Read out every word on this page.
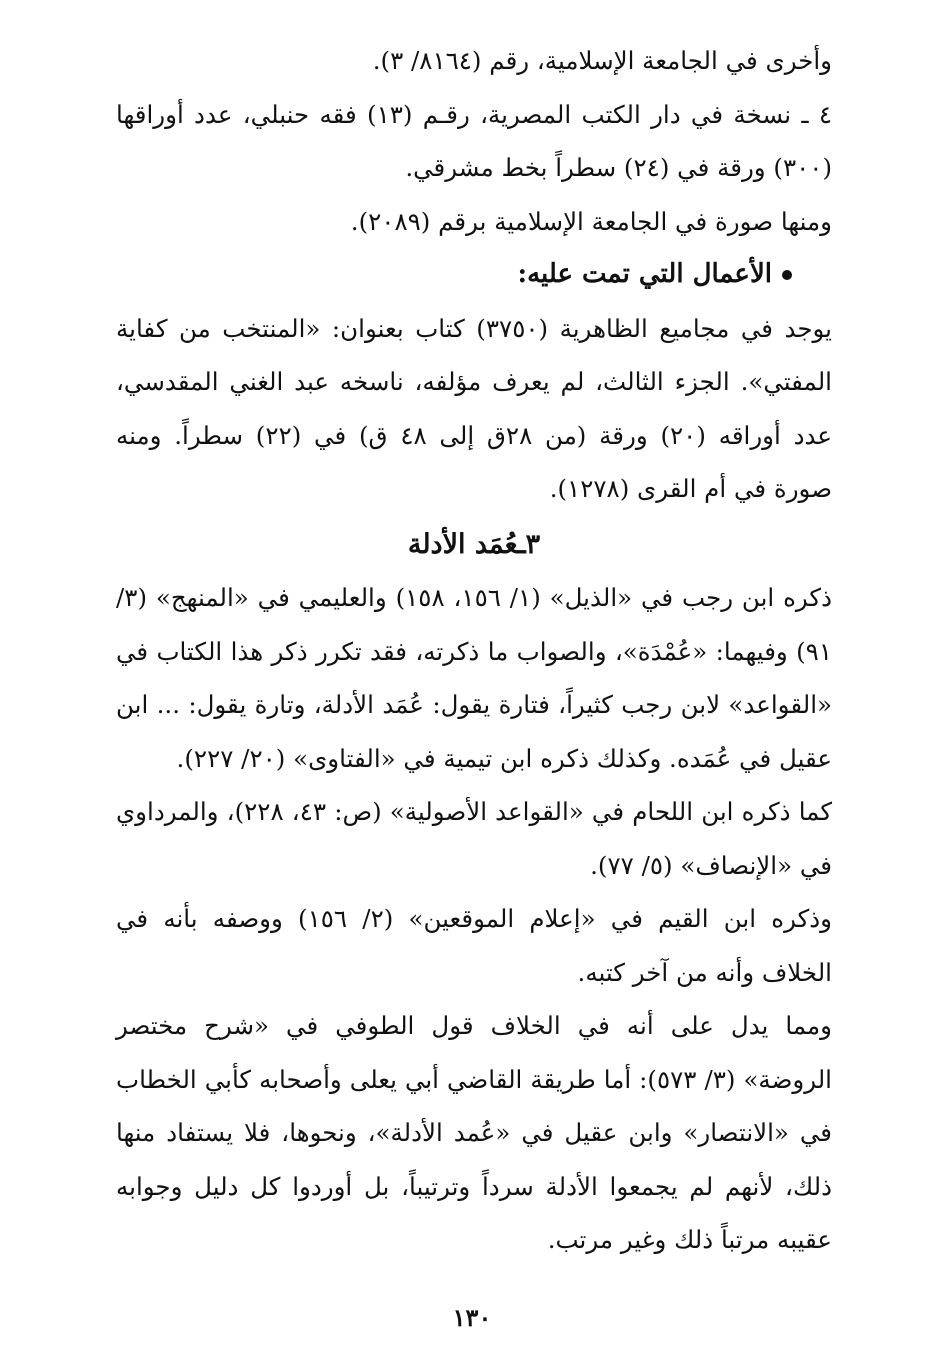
وأخرى في الجامعة الإسلامية، رقم (٨١٦٤/ ٣).

٤ ـ نسخة في دار الكتب المصرية، رقـم (١٣) فقه حنبلي، عدد أوراقها (٣٠٠) ورقة في (٢٤) سطراً بخط مشرقي.

ومنها صورة في الجامعة الإسلامية برقم (٢٠٨٩).

الأعمال التي تمت عليه:

يوجد في مجاميع الظاهرية (٣٧٥٠) كتاب بعنوان: «المنتخب من كفاية المفتي». الجزء الثالث، لم يعرف مؤلفه، ناسخه عبد الغني المقدسي، عدد أوراقه (٢٠) ورقة (من ٢٨ق إلى ٤٨ ق) في (٢٢) سطراً. ومنه صورة في أم القرى (١٢٧٨).

٣ـعُمَد الأدلة

ذكره ابن رجب في «الذيل» (١/ ١٥٦، ١٥٨) والعليمي في «المنهج» (٣/ ٩١) وفيهما: «عُمْدَة»، والصواب ما ذكرته، فقد تكرر ذكر هذا الكتاب في «القواعد» لابن رجب كثيراً، فتارة يقول: عُمَد الأدلة، وتارة يقول: ... ابن عقيل في عُمَده. وكذلك ذكره ابن تيمية في «الفتاوى» (٢٠/ ٢٢٧).

كما ذكره ابن اللحام في «القواعد الأصولية» (ص: ٤٣، ٢٢٨)، والمرداوي في «الإنصاف» (٥/ ٧٧).

وذكره ابن القيم في «إعلام الموقعين» (٢/ ١٥٦) ووصفه بأنه في الخلاف وأنه من آخر كتبه.

ومما يدل على أنه في الخلاف قول الطوفي في «شرح مختصر الروضة» (٣/ ٥٧٣): أما طريقة القاضي أبي يعلى وأصحابه كأبي الخطاب في «الانتصار» وابن عقيل في «عُمد الأدلة»، ونحوها، فلا يستفاد منها ذلك، لأنهم لم يجمعوا الأدلة سرداً وترتيباً، بل أوردوا كل دليل وجوابه عقيبه مرتباً ذلك وغير مرتب.

١٣٠
